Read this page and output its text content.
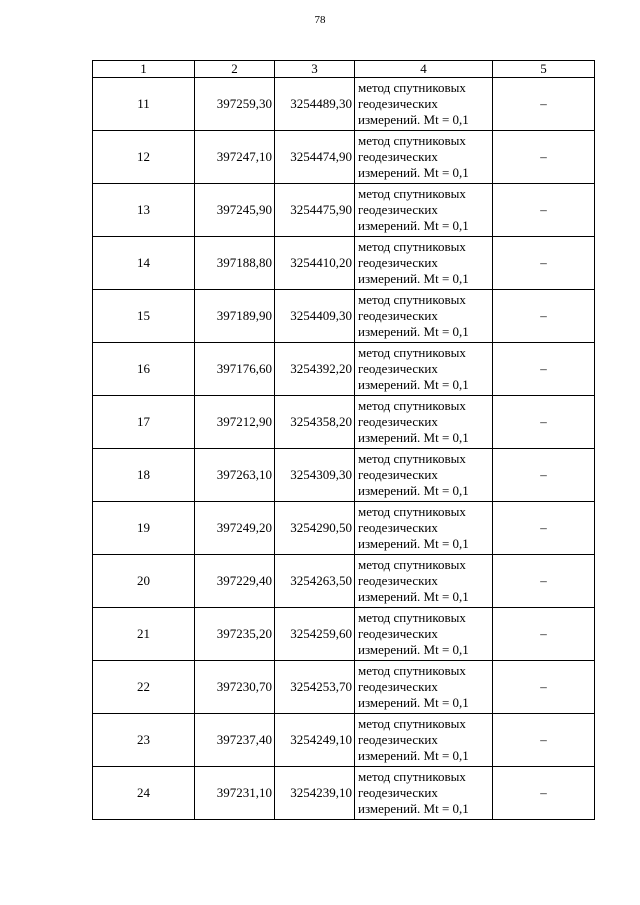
78
1	2	3	4	5
11	397259,30	3254489,30	метод спутниковых
геодезических
измерений. Mt = 0,1	–
12	397247,10	3254474,90	метод спутниковых
геодезических
измерений. Mt = 0,1	–
13	397245,90	3254475,90	метод спутниковых
геодезических
измерений. Mt = 0,1	–
14	397188,80	3254410,20	метод спутниковых
геодезических
измерений. Mt = 0,1	–
15	397189,90	3254409,30	метод спутниковых
геодезических
измерений. Mt = 0,1	–
16	397176,60	3254392,20	метод спутниковых
геодезических
измерений. Mt = 0,1	–
17	397212,90	3254358,20	метод спутниковых
геодезических
измерений. Mt = 0,1	–
18	397263,10	3254309,30	метод спутниковых
геодезических
измерений. Mt = 0,1	–
19	397249,20	3254290,50	метод спутниковых
геодезических
измерений. Mt = 0,1	–
20	397229,40	3254263,50	метод спутниковых
геодезических
измерений. Mt = 0,1	–
21	397235,20	3254259,60	метод спутниковых
геодезических
измерений. Mt = 0,1	–
22	397230,70	3254253,70	метод спутниковых
геодезических
измерений. Mt = 0,1	–
23	397237,40	3254249,10	метод спутниковых
геодезических
измерений. Mt = 0,1	–
24	397231,10	3254239,10	метод спутниковых
геодезических
измерений. Mt = 0,1	–
